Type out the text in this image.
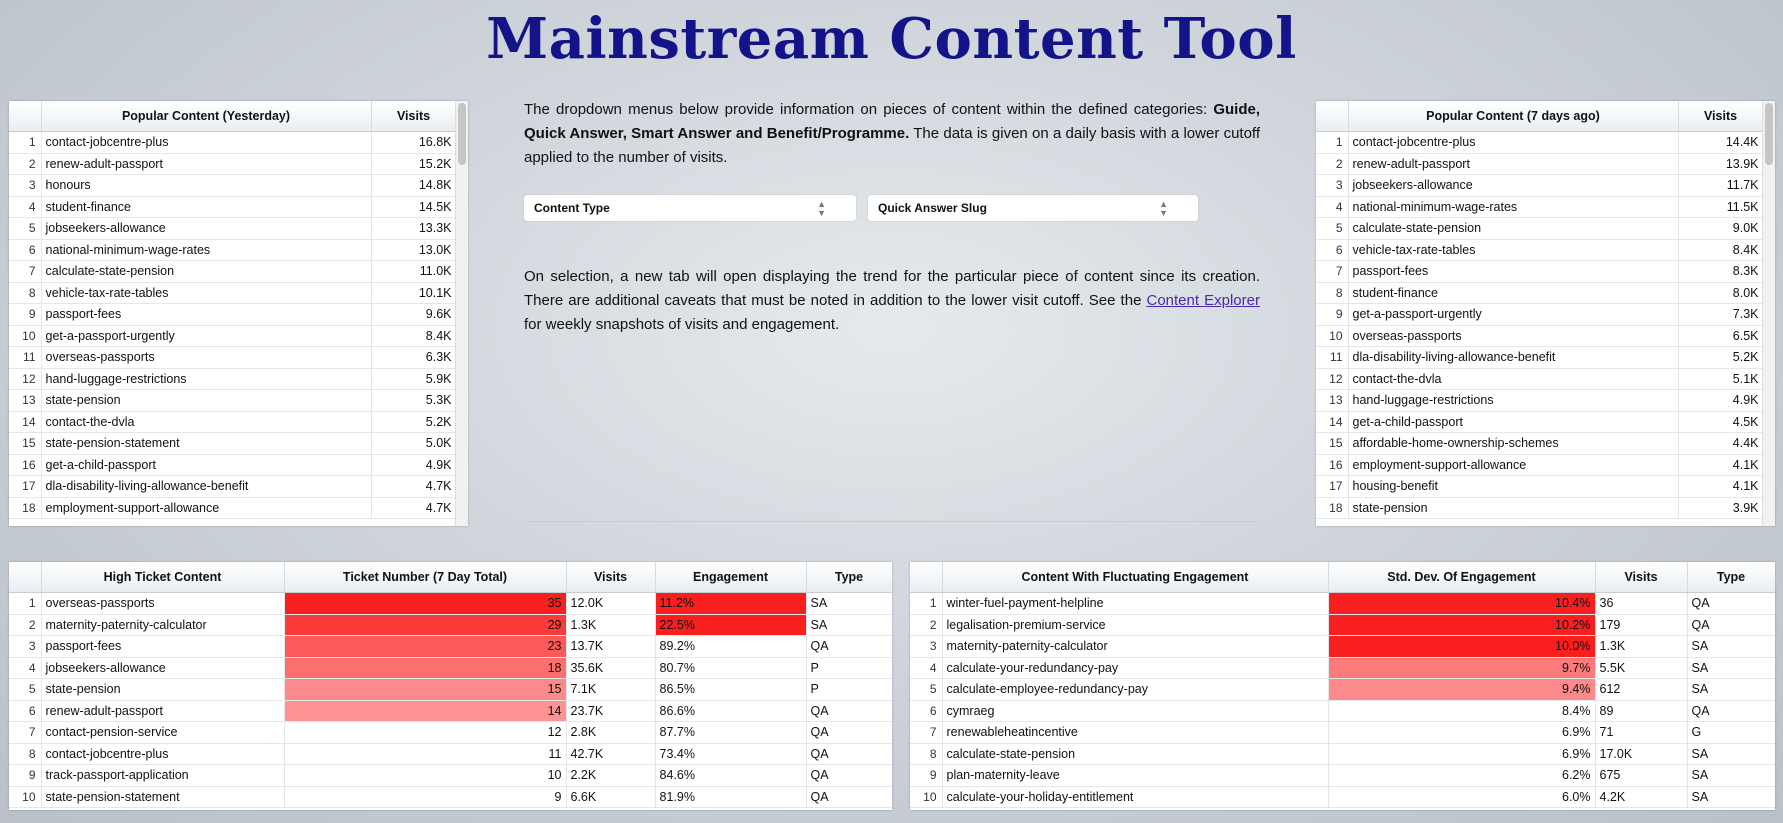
Mainstream Content Tool
	Popular Content (Yesterday)	Visits
1	contact-jobcentre-plus	16.8K
2	renew-adult-passport	15.2K
3	honours	14.8K
4	student-finance	14.5K
5	jobseekers-allowance	13.3K
6	national-minimum-wage-rates	13.0K
7	calculate-state-pension	11.0K
8	vehicle-tax-rate-tables	10.1K
9	passport-fees	9.6K
10	get-a-passport-urgently	8.4K
11	overseas-passports	6.3K
12	hand-luggage-restrictions	5.9K
13	state-pension	5.3K
14	contact-the-dvla	5.2K
15	state-pension-statement	5.0K
16	get-a-child-passport	4.9K
17	dla-disability-living-allowance-benefit	4.7K
18	employment-support-allowance	4.7K
	Popular Content (7 days ago)	Visits
1	contact-jobcentre-plus	14.4K
2	renew-adult-passport	13.9K
3	jobseekers-allowance	11.7K
4	national-minimum-wage-rates	11.5K
5	calculate-state-pension	9.0K
6	vehicle-tax-rate-tables	8.4K
7	passport-fees	8.3K
8	student-finance	8.0K
9	get-a-passport-urgently	7.3K
10	overseas-passports	6.5K
11	dla-disability-living-allowance-benefit	5.2K
12	contact-the-dvla	5.1K
13	hand-luggage-restrictions	4.9K
14	get-a-child-passport	4.5K
15	affordable-home-ownership-schemes	4.4K
16	employment-support-allowance	4.1K
17	housing-benefit	4.1K
18	state-pension	3.9K
The dropdown menus below provide information on pieces of content within the defined categories: Guide, Quick Answer, Smart Answer and Benefit/Programme. The data is given on a daily basis with a lower cutoff applied to the number of visits.
Content Type	▲
▼	Quick Answer Slug	▲
▼
On selection, a new tab will open displaying the trend for the particular piece of content since its creation. There are additional caveats that must be noted in addition to the lower visit cutoff. See the Content Explorer for weekly snapshots of visits and engagement.
	High Ticket Content	Ticket Number (7 Day Total)	Visits	Engagement	Type
1	overseas-passports	35	12.0K	11.2%	SA
2	maternity-paternity-calculator	29	1.3K	22.5%	SA
3	passport-fees	23	13.7K	89.2%	QA
4	jobseekers-allowance	18	35.6K	80.7%	P
5	state-pension	15	7.1K	86.5%	P
6	renew-adult-passport	14	23.7K	86.6%	QA
7	contact-pension-service	12	2.8K	87.7%	QA
8	contact-jobcentre-plus	11	42.7K	73.4%	QA
9	track-passport-application	10	2.2K	84.6%	QA
10	state-pension-statement	9	6.6K	81.9%	QA
	Content With Fluctuating Engagement	Std. Dev. Of Engagement	Visits	Type
1	winter-fuel-payment-helpline	10.4%	36	QA
2	legalisation-premium-service	10.2%	179	QA
3	maternity-paternity-calculator	10.0%	1.3K	SA
4	calculate-your-redundancy-pay	9.7%	5.5K	SA
5	calculate-employee-redundancy-pay	9.4%	612	SA
6	cymraeg	8.4%	89	QA
7	renewableheatincentive	6.9%	71	G
8	calculate-state-pension	6.9%	17.0K	SA
9	plan-maternity-leave	6.2%	675	SA
10	calculate-your-holiday-entitlement	6.0%	4.2K	SA
